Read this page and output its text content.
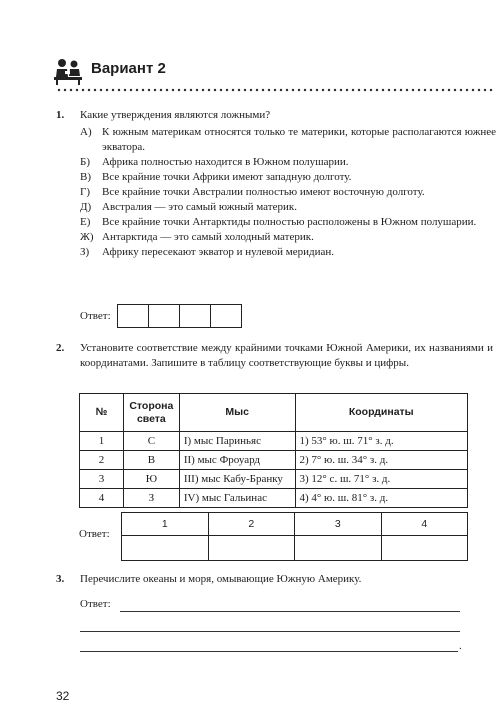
Вариант 2
1.	Какие утверждения являются ложными?
А) К южным материкам относятся только те материки, которые располагаются южнее экватора.
Б) Африка полностью находится в Южном полушарии.
В) Все крайние точки Африки имеют западную долготу.
Г) Все крайние точки Австралии полностью имеют восточную долготу.
Д) Австралия — это самый южный материк.
Е) Все крайние точки Антарктиды полностью расположены в Южном полушарии.
Ж) Антарктида — это самый холодный материк.
З) Африку пересекают экватор и нулевой меридиан.
Ответ:
2.	Установите соответствие между крайними точками Южной Америки, их названиями и координатами. Запишите в таблицу соответствующие буквы и цифры.
№	Сторона света	Мыс	Координаты
1	С	I) мыс Париньяс	1) 53° ю. ш. 71° з. д.
2	В	II) мыс Фроуард	2) 7° ю. ш. 34° з. д.
3	Ю	III) мыс Кабу-Бранку	3) 12° с. ш. 71° з. д.
4	З	IV) мыс Гальинас	4) 4° ю. ш. 81° з. д.
Ответ:
1	2	3	4

3.	Перечислите океаны и моря, омывающие Южную Америку.
Ответ:
.
32
